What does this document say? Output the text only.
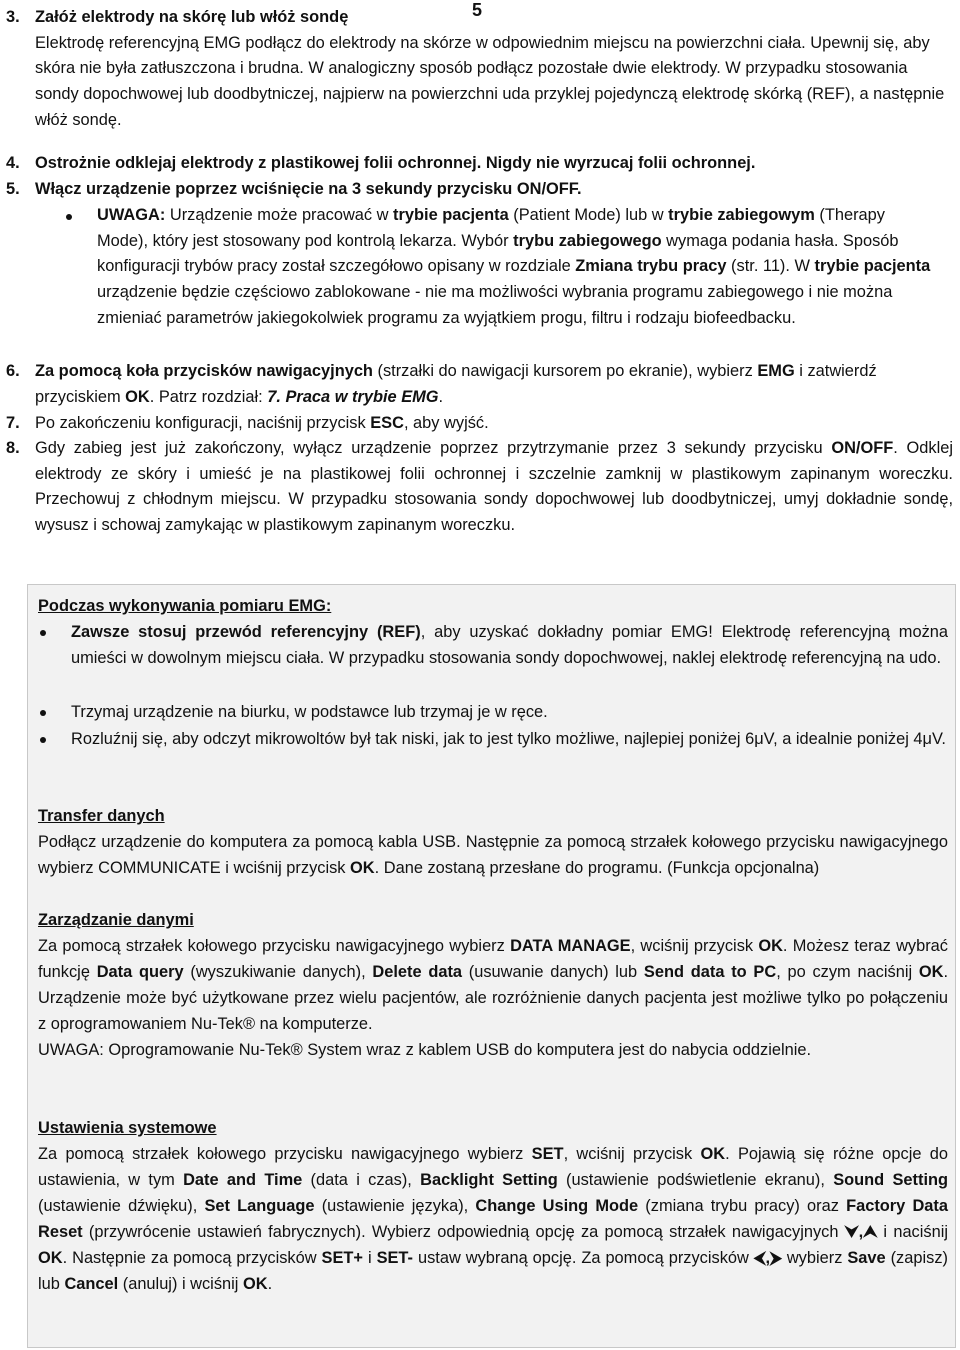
5
3. Załóż elektrody na skórę lub włóż sondę
Elektrodę referencyjną EMG podłącz do elektrody na skórze w odpowiednim miejscu na powierzchni ciała. Upewnij się, aby skóra nie była zatłuszczona i brudna. W analogiczny sposób podłącz pozostałe dwie elektrody. W przypadku stosowania sondy dopochwowej lub doodbytniczej, najpierw na powierzchni uda przyklej pojedynczą elektrodę skórką (REF), a następnie włóż sondę.
4. Ostrożnie odklejaj elektrody z plastikowej folii ochronnej. Nigdy nie wyrzucaj folii ochronnej.
5. Włącz urządzenie poprzez wciśnięcie na 3 sekundy przycisku ON/OFF.
UWAGA: Urządzenie może pracować w trybie pacjenta (Patient Mode) lub w trybie zabiegowym (Therapy Mode), który jest stosowany pod kontrolą lekarza. Wybór trybu zabiegowego wymaga podania hasła. Sposób konfiguracji trybów pracy został szczegółowo opisany w rozdziale Zmiana trybu pracy (str. 11). W trybie pacjenta urządzenie będzie częściowo zablokowane - nie ma możliwości wybrania programu zabiegowego i nie można zmieniać parametrów jakiegokolwiek programu za wyjątkiem progu, filtru i rodzaju biofeedbacku.
6. Za pomocą koła przycisków nawigacyjnych (strzałki do nawigacji kursorem po ekranie), wybierz EMG i zatwierdź przyciskiem OK. Patrz rozdział: 7. Praca w trybie EMG.
7. Po zakończeniu konfiguracji, naciśnij przycisk ESC, aby wyjść.
8. Gdy zabieg jest już zakończony, wyłącz urządzenie poprzez przytrzymanie przez 3 sekundy przycisku ON/OFF. Odklej elektrody ze skóry i umieść je na plastikowej folii ochronnej i szczelnie zamknij w plastikowym zapinanym woreczku. Przechowuj z chłodnym miejscu. W przypadku stosowania sondy dopochwowej lub doodbytniczej, umyj dokładnie sondę, wysusz i schowaj zamykając w plastikowym zapinanym woreczku.
Podczas wykonywania pomiaru EMG:
Zawsze stosuj przewód referencyjny (REF), aby uzyskać dokładny pomiar EMG! Elektrodę referencyjną można umieści w dowolnym miejscu ciała. W przypadku stosowania sondy dopochwowej, naklej elektrodę referencyjną na udo.
Trzymaj urządzenie na biurku, w podstawce lub trzymaj je w ręce.
Rozluźnij się, aby odczyt mikrowoltów był tak niski, jak to jest tylko możliwe, najlepiej poniżej 6μV, a idealnie poniżej 4μV.
Transfer danych
Podłącz urządzenie do komputera za pomocą kabla USB. Następnie za pomocą strzałek kołowego przycisku nawigacyjnego wybierz COMMUNICATE i wciśnij przycisk OK. Dane zostaną przesłane do programu. (Funkcja opcjonalna)
Zarządzanie danymi
Za pomocą strzałek kołowego przycisku nawigacyjnego wybierz DATA MANAGE, wciśnij przycisk OK. Możesz teraz wybrać funkcję Data query (wyszukiwanie danych), Delete data (usuwanie danych) lub Send data to PC, po czym naciśnij OK. Urządzenie może być użytkowane przez wielu pacjentów, ale rozróżnienie danych pacjenta jest możliwe tylko po połączeniu z oprogramowaniem Nu-Tek® na komputerze.
UWAGA: Oprogramowanie Nu-Tek® System wraz z kablem USB do komputera jest do nabycia oddzielnie.
Ustawienia systemowe
Za pomocą strzałek kołowego przycisku nawigacyjnego wybierz SET, wciśnij przycisk OK. Pojawią się różne opcje do ustawienia, w tym Date and Time (data i czas), Backlight Setting (ustawienie podświetlenie ekranu), Sound Setting (ustawienie dźwięku), Set Language (ustawienie języka), Change Using Mode (zmiana trybu pracy) oraz Factory Data Reset (przywrócenie ustawień fabrycznych). Wybierz odpowiednią opcję za pomocą strzałek nawigacyjnych ⮟,⮝ i naciśnij OK. Następnie za pomocą przycisków SET+ i SET- ustaw wybraną opcję. Za pomocą przycisków ⮜,⮞ wybierz Save (zapisz) lub Cancel (anuluj) i wciśnij OK.
